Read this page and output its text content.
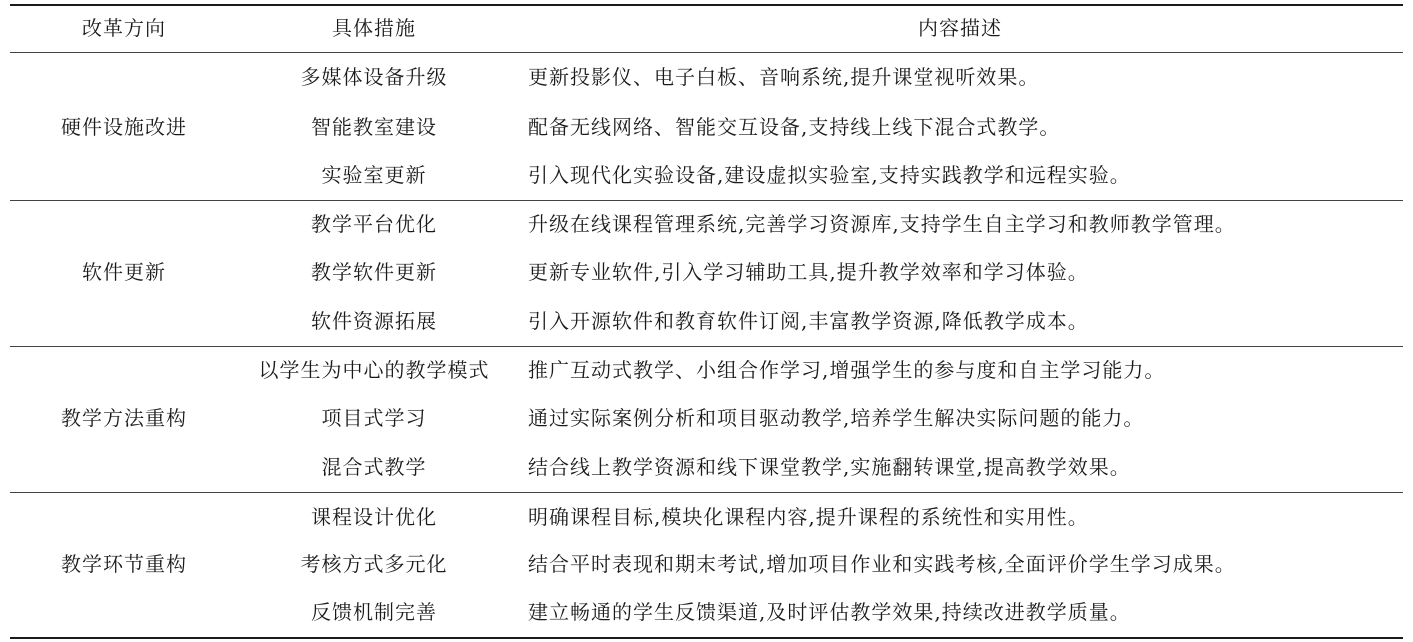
改革方向	具体措施	内容描述
硬件设施改进
多媒体设备升级	更新投影仪、电子白板、音响系统,提升课堂视听效果。
智能教室建设	配备无线网络、智能交互设备,支持线上线下混合式教学。
实验室更新	引入现代化实验设备,建设虚拟实验室,支持实践教学和远程实验。
软件更新
教学平台优化	升级在线课程管理系统,完善学习资源库,支持学生自主学习和教师教学管理。
教学软件更新	更新专业软件,引入学习辅助工具,提升教学效率和学习体验。
软件资源拓展	引入开源软件和教育软件订阅,丰富教学资源,降低教学成本。
教学方法重构
以学生为中心的教学模式	推广互动式教学、小组合作学习,增强学生的参与度和自主学习能力。
项目式学习	通过实际案例分析和项目驱动教学,培养学生解决实际问题的能力。
混合式教学	结合线上教学资源和线下课堂教学,实施翻转课堂,提高教学效果。
教学环节重构
课程设计优化	明确课程目标,模块化课程内容,提升课程的系统性和实用性。
考核方式多元化	结合平时表现和期末考试,增加项目作业和实践考核,全面评价学生学习成果。
反馈机制完善	建立畅通的学生反馈渠道,及时评估教学效果,持续改进教学质量。
